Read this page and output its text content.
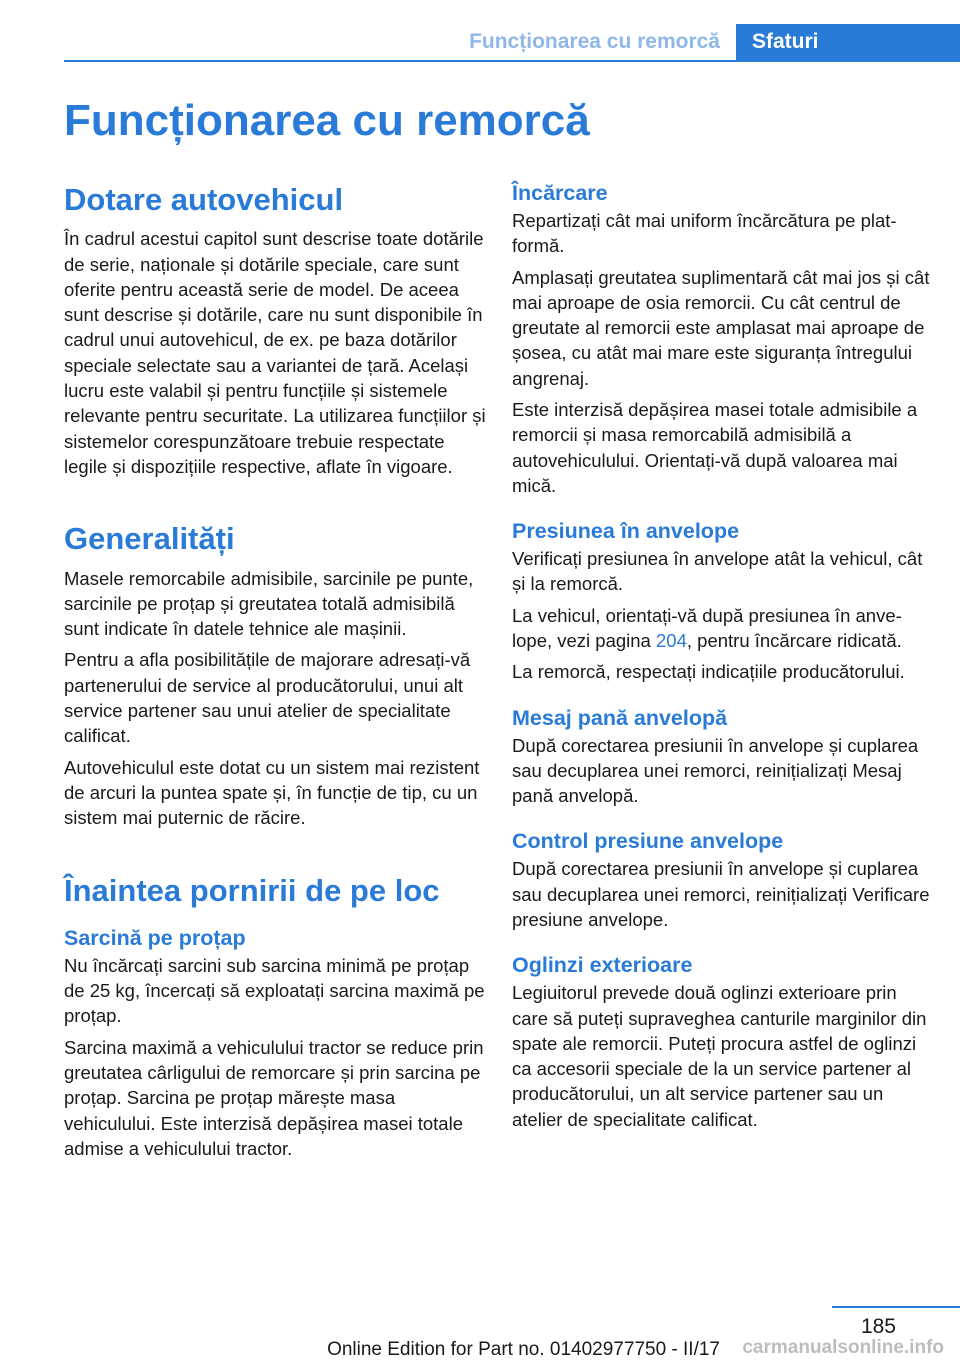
Funcționarea cu remorcă	Sfaturi
Funcționarea cu remorcă
Dotare autovehicul

În cadrul acestui capitol sunt descrise toate dotările de serie, naționale și dotările speciale, care sunt oferite pentru această serie de model. De aceea sunt descrise și dotările, care nu sunt disponibile în cadrul unui autovehicul, de ex. pe baza dotărilor speciale selectate sau a variantei de țară. Același lucru este valabil și pentru funcțiile și sistemele relevante pentru securitate. La utilizarea funcțiilor și sistemelor corespunzătoare trebuie respectate legile și dispozițiile respective, aflate în vigoare.

Generalități

Masele remorcabile admisibile, sarcinile pe punte, sarcinile pe proțap și greutatea totală admisibilă sunt indicate în datele tehnice ale mașinii.

Pentru a afla posibilitățile de majorare adresați-vă partenerului de service al producătorului, unui alt service partener sau unui atelier de specialitate calificat.

Autovehiculul este dotat cu un sistem mai rezistent de arcuri la puntea spate și, în funcție de tip, cu un sistem mai puternic de răcire.

Înaintea pornirii de pe loc
Sarcină pe proțap

Nu încărcați sarcini sub sarcina minimă pe proțap de 25 kg, încercați să exploatați sarcina maximă pe proțap.

Sarcina maximă a vehiculului tractor se reduce prin greutatea cârligului de remorcare și prin sarcina pe proțap. Sarcina pe proțap mărește masa vehiculului. Este interzisă depășirea masei totale admise a vehiculului tractor.

Încărcare

Repartizați cât mai uniform încărcătura pe platformă.

Amplasați greutatea suplimentară cât mai jos și cât mai aproape de osia remorcii. Cu cât centrul de greutate al remorcii este amplasat mai aproape de șosea, cu atât mai mare este siguranța întregului angrenaj.

Este interzisă depășirea masei totale admisibile a remorcii și masa remorcabilă admisibilă a autovehiculului. Orientați-vă după valoarea mai mică.

Presiunea în anvelope

Verificați presiunea în anvelope atât la vehicul, cât și la remorcă.

La vehicul, orientați-vă după presiunea în anvelope, vezi pagina 204, pentru încărcare ridicată.

La remorcă, respectați indicațiile producătorului.

Mesaj pană anvelopă

După corectarea presiunii în anvelope și cuplarea sau decuplarea unei remorci, reinițializați Mesaj pană anvelopă.

Control presiune anvelope

După corectarea presiunii în anvelope și cuplarea sau decuplarea unei remorci, reinițializați Verificare presiune anvelope.

Oglinzi exterioare

Legiuitorul prevede două oglinzi exterioare prin care să puteți supraveghea canturile marginilor din spate ale remorcii. Puteți procura astfel de oglinzi ca accesorii speciale de la un service partener al producătorului, un alt service partener sau un atelier de specialitate calificat.

185
Online Edition for Part no. 01402977750 - II/17 carmanualsonline.info
